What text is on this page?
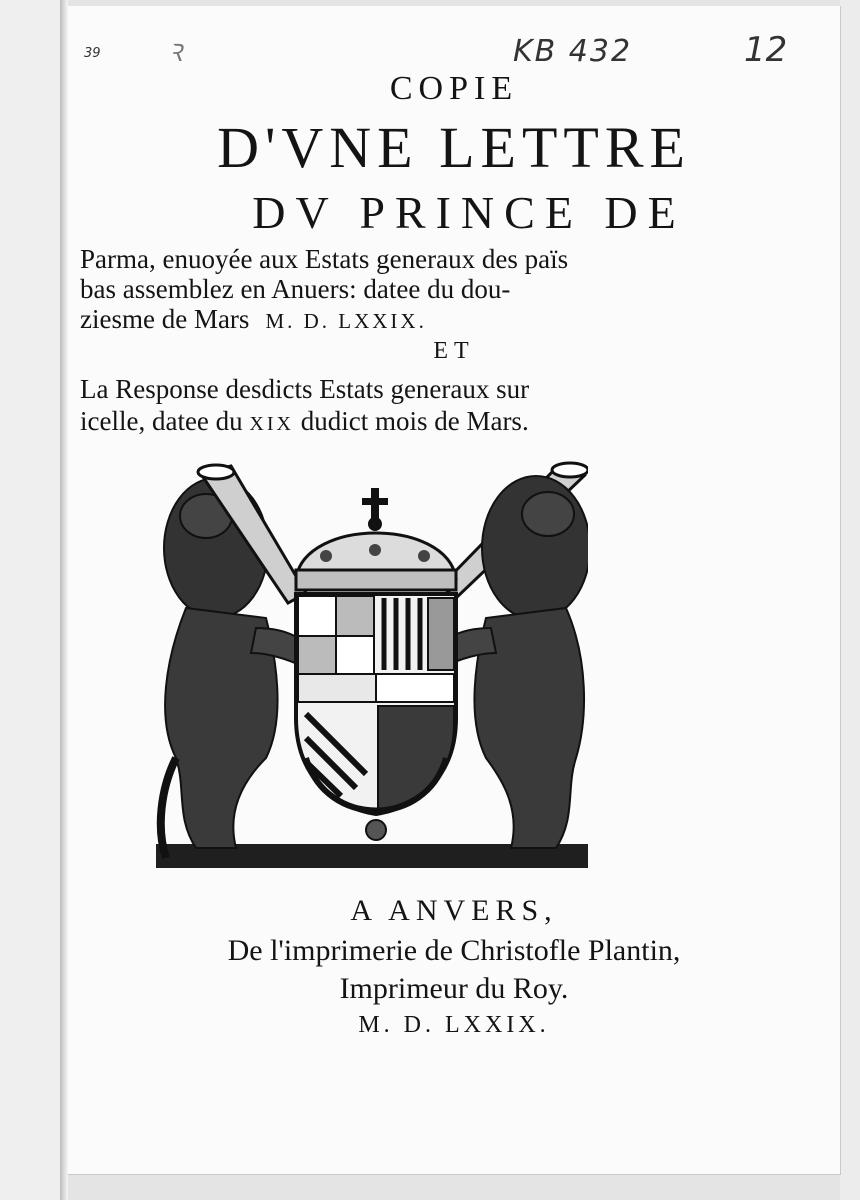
39	Ꝛ	KB 432	12
COPIE
D'VNE LETTRE
DV PRINCE DE
Parma, enuoyée aux Estats generaux des païs
bas assemblez en Anuers: datee du dou-
ziesme de Mars M. D. LXXIX.
ET
La Response desdicts Estats generaux sur
icelle, datee du XIX dudict mois de Mars.
A ANVERS,
De l'imprimerie de Christofle Plantin,
Imprimeur du Roy.
M. D. LXXIX.
